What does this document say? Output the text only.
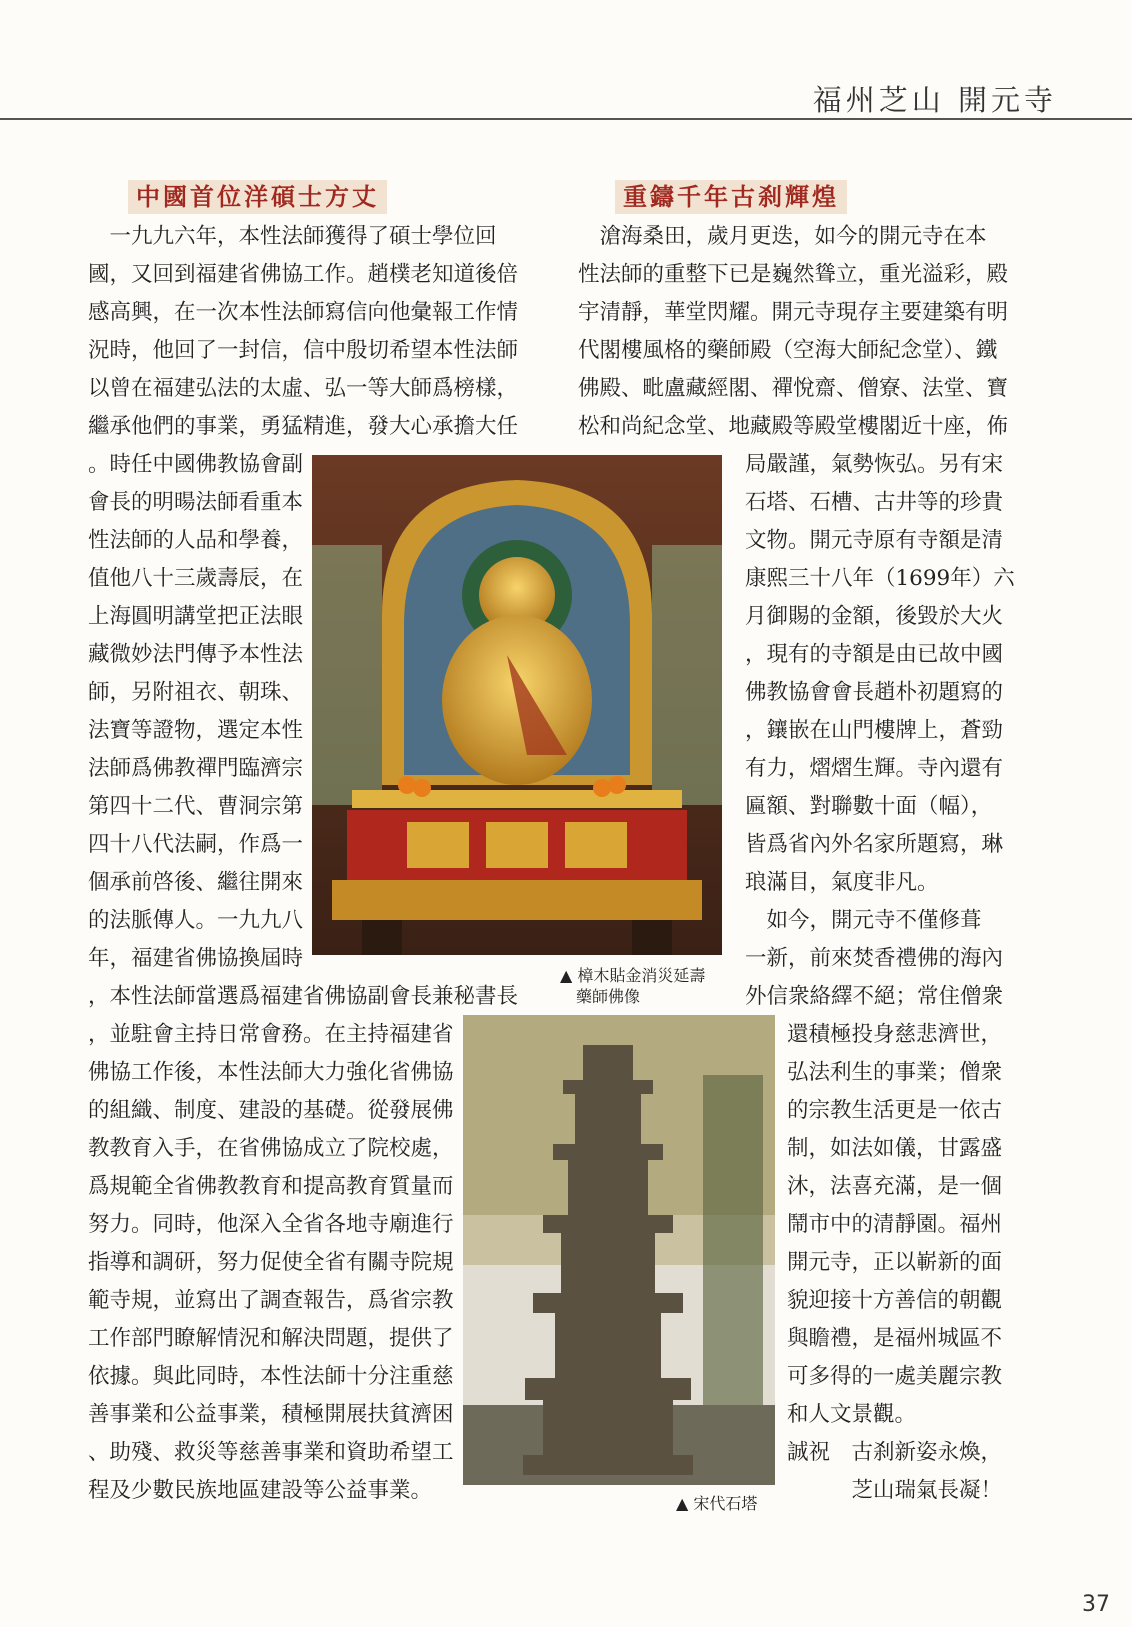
福州芝山 開元寺
中國首位洋碩士方丈	重鑄千年古刹輝煌
　一九九六年，本性法師獲得了碩士學位回
國，又回到福建省佛協工作。趙樸老知道後倍
感高興，在一次本性法師寫信向他彙報工作情
況時，他回了一封信，信中殷切希望本性法師
以曾在福建弘法的太虛、弘一等大師爲榜樣，
繼承他們的事業，勇猛精進，發大心承擔大任
。時任中國佛教協會副
會長的明暘法師看重本
性法師的人品和學養，
值他八十三歲壽辰，在
上海圓明講堂把正法眼
藏微妙法門傳予本性法
師，另附祖衣、朝珠、
法寶等證物，選定本性
法師爲佛教禪門臨濟宗
第四十二代、曹洞宗第
四十八代法嗣，作爲一
個承前啓後、繼往開來
的法脈傳人。一九九八
年，福建省佛協換屆時
，本性法師當選爲福建省佛協副會長兼秘書長
，並駐會主持日常會務。在主持福建省
佛協工作後，本性法師大力強化省佛協
的組織、制度、建設的基礎。從發展佛
教教育入手，在省佛協成立了院校處，
爲規範全省佛教教育和提高教育質量而
努力。同時，他深入全省各地寺廟進行
指導和調研，努力促使全省有關寺院規
範寺規，並寫出了調查報告，爲省宗教
工作部門瞭解情況和解決問題，提供了
依據。與此同時，本性法師十分注重慈
善事業和公益事業，積極開展扶貧濟困
、助殘、救災等慈善事業和資助希望工
程及少數民族地區建設等公益事業。
　滄海桑田，歲月更迭，如今的開元寺在本
性法師的重整下已是巍然聳立，重光溢彩，殿
宇清靜，華堂閃耀。開元寺現存主要建築有明
代閣樓風格的藥師殿（空海大師紀念堂）、鐵
佛殿、毗盧藏經閣、禪悅齋、僧寮、法堂、寶
松和尚紀念堂、地藏殿等殿堂樓閣近十座，佈
局嚴謹，氣勢恢弘。另有宋
石塔、石槽、古井等的珍貴
文物。開元寺原有寺額是清
康熙三十八年（1699年）六
月御賜的金額，後毀於大火
，現有的寺額是由已故中國
佛教協會會長趙朴初題寫的
，鑲嵌在山門樓牌上，蒼勁
有力，熠熠生輝。寺內還有
匾額、對聯數十面（幅），
皆爲省內外名家所題寫，琳
琅滿目，氣度非凡。
　如今，開元寺不僅修葺
一新，前來焚香禮佛的海內
外信衆絡繹不絕；常住僧衆
還積極投身慈悲濟世，
弘法利生的事業；僧衆
的宗教生活更是一依古
制，如法如儀，甘露盛
沐，法喜充滿，是一個
鬧市中的清靜園。福州
開元寺，正以嶄新的面
貌迎接十方善信的朝觀
與瞻禮，是福州城區不
可多得的一處美麗宗教
和人文景觀。
誠祝　古刹新姿永煥，
　　　芝山瑞氣長凝！
▲ 樟木貼金消災延壽
　藥師佛像
▲ 宋代石塔
37
